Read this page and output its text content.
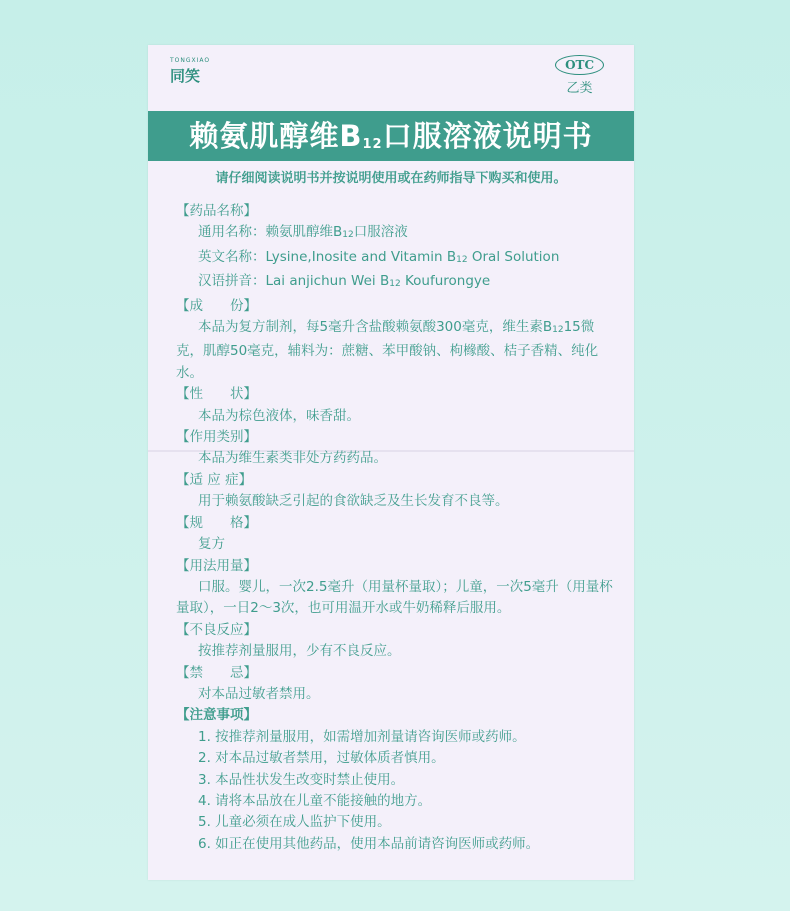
TONGXIAO
同笑
OTC
乙类
赖氨肌醇维$B_{12}$口服溶液说明书
请仔细阅读说明书并按说明使用或在药师指导下购买和使用。
【药品名称】
通用名称：赖氨肌醇维$B_{12}$口服溶液
英文名称：Lysine,Inosite and Vitamin $B_{12}$ Oral Solution
汉语拼音：Lai anjichun Wei $B_{12}$ Koufurongye
【成　　份】
本品为复方制剂，每5毫升含盐酸赖氨酸300毫克，维生素$B_{12}15$微克，肌醇50毫克，辅料为：蔗糖、苯甲酸钠、枸橼酸、桔子香精、纯化水。
【性　　状】
本品为棕色液体，味香甜。
【作用类别】
本品为维生素类非处方药药品。
【适 应 症】
用于赖氨酸缺乏引起的食欲缺乏及生长发育不良等。
【规　　格】
复方
【用法用量】
口服。婴儿，一次2.5毫升（用量杯量取）；儿童，一次5毫升（用量杯量取），一日2～3次，也可用温开水或牛奶稀释后服用。
【不良反应】
按推荐剂量服用，少有不良反应。
【禁　　忌】
对本品过敏者禁用。
【注意事项】
1. 按推荐剂量服用，如需增加剂量请咨询医师或药师。
2. 对本品过敏者禁用，过敏体质者慎用。
3. 本品性状发生改变时禁止使用。
4. 请将本品放在儿童不能接触的地方。
5. 儿童必须在成人监护下使用。
6. 如正在使用其他药品，使用本品前请咨询医师或药师。
